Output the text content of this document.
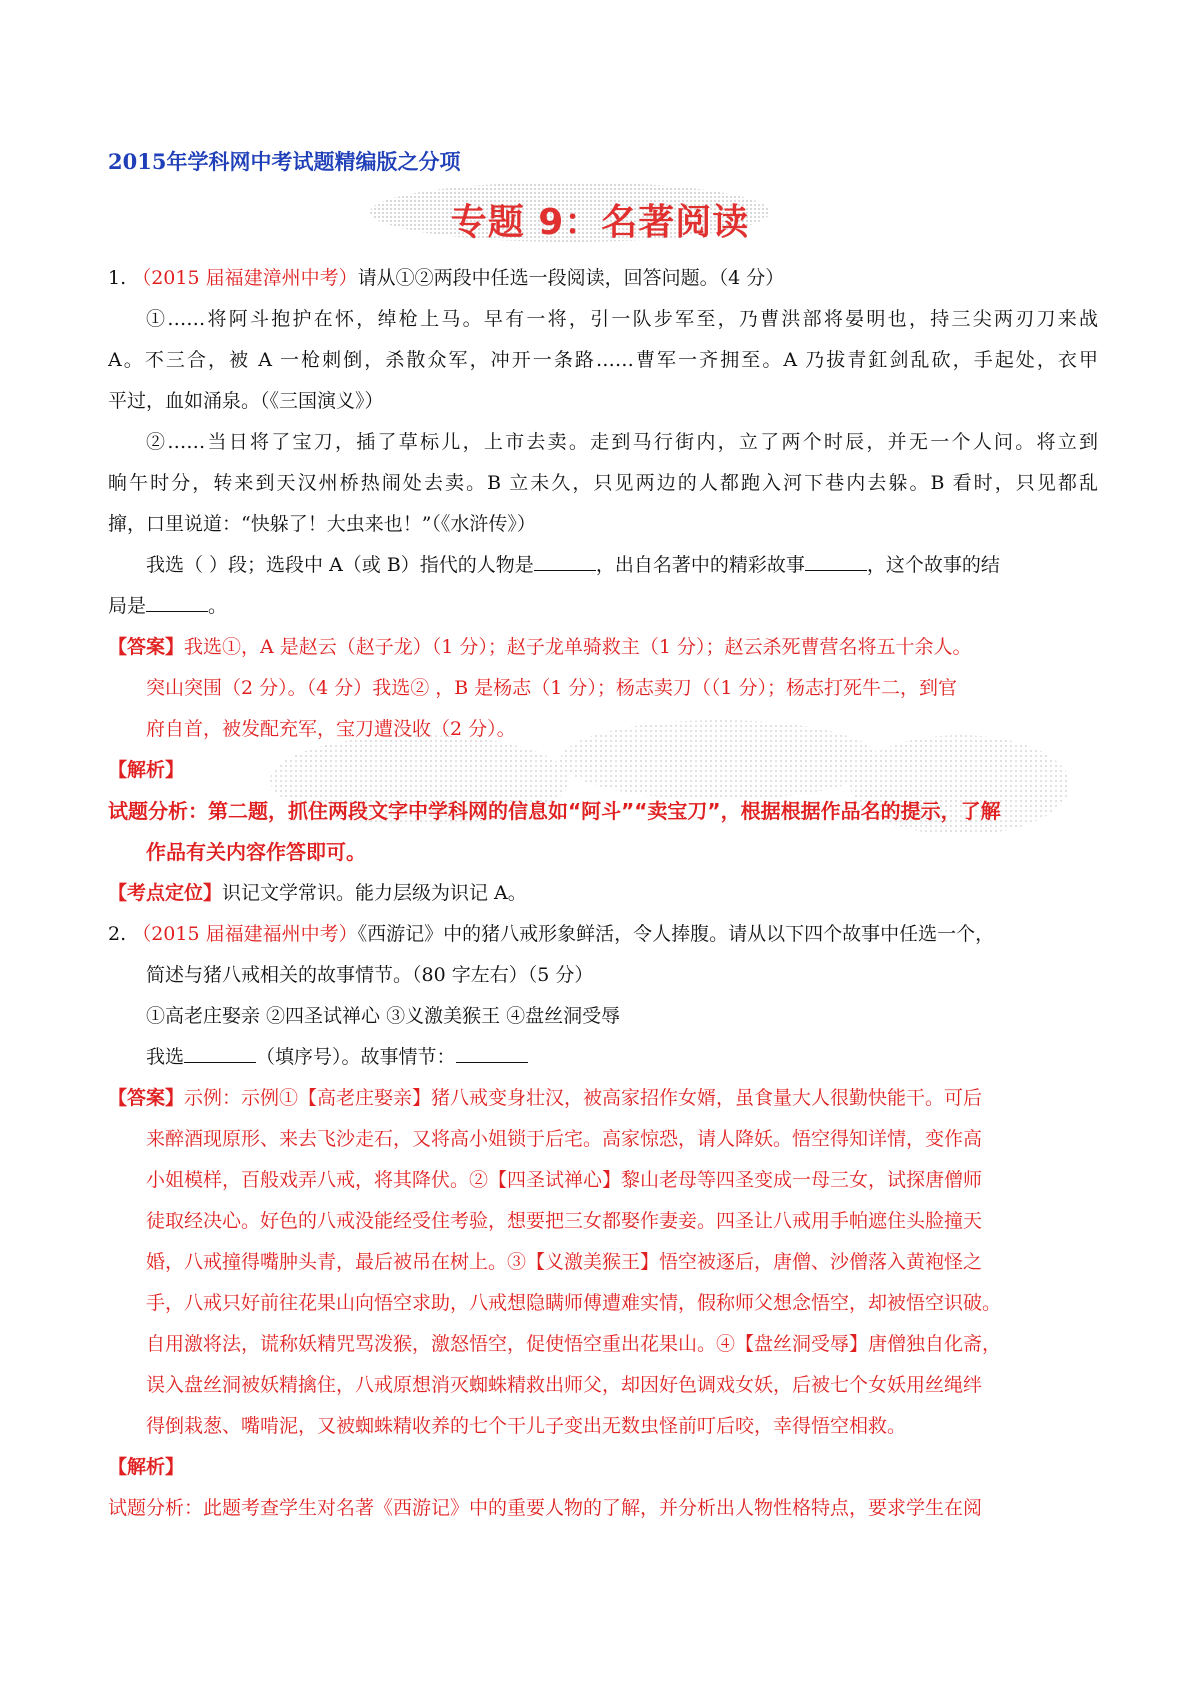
2015年学科网中考试题精编版之分项
专题 9：名著阅读
1. （2015 届福建漳州中考）请从①②两段中任选一段阅读，回答问题。（4 分）
①……将阿斗抱护在怀，绰枪上马。早有一将，引一队步军至，乃曹洪部将晏明也，持三尖两刃刀来战
A。不三合，被 A 一枪刺倒，杀散众军，冲开一条路……曹军一齐拥至。A 乃拔青釭剑乱砍，手起处，衣甲
平过，血如涌泉。（《三国演义》）
②……当日将了宝刀，插了草标儿，上市去卖。走到马行街内，立了两个时辰，并无一个人问。将立到
晌午时分，转来到天汉州桥热闹处去卖。B 立未久，只见两边的人都跑入河下巷内去躲。B 看时，只见都乱
撺，口里说道：“快躲了！大虫来也！”（《水浒传》）
我选（ ）段；选段中 A（或 B）指代的人物是	，出自名著中的精彩故事	，这个故事的结
局是	。
【答案】我选①，A 是赵云（赵子龙）（1 分）；赵子龙单骑救主（1 分）；赵云杀死曹营名将五十余人。
突山突围（2 分）。（4 分）我选② ，B 是杨志（1 分）；杨志卖刀（（1 分）；杨志打死牛二，到官
府自首，被发配充军，宝刀遭没收（2 分）。
【解析】
试题分析：第二题，抓住两段文字中学科网的信息如“阿斗”“卖宝刀”，根据根据作品名的提示，了解
作品有关内容作答即可。
【考点定位】识记文学常识。能力层级为识记 A。
2. （2015 届福建福州中考）《西游记》中的猪八戒形象鲜活，令人捧腹。请从以下四个故事中任选一个，
简述与猪八戒相关的故事情节。（80 字左右）（5 分）
①高老庄娶亲 ②四圣试禅心 ③义激美猴王 ④盘丝洞受辱
我选	（填序号）。故事情节：
【答案】示例：示例①【高老庄娶亲】猪八戒变身壮汉，被高家招作女婿，虽食量大人很勤快能干。可后
来醉酒现原形、来去飞沙走石，又将高小姐锁于后宅。高家惊恐，请人降妖。悟空得知详情，变作高
小姐模样，百般戏弄八戒，将其降伏。②【四圣试禅心】黎山老母等四圣变成一母三女，试探唐僧师
徒取经决心。好色的八戒没能经受住考验，想要把三女都娶作妻妾。四圣让八戒用手帕遮住头脸撞天
婚，八戒撞得嘴肿头青，最后被吊在树上。③【义激美猴王】悟空被逐后，唐僧、沙僧落入黄袍怪之
手，八戒只好前往花果山向悟空求助，八戒想隐瞒师傅遭难实情，假称师父想念悟空，却被悟空识破。
自用激将法，谎称妖精咒骂泼猴，激怒悟空，促使悟空重出花果山。④【盘丝洞受辱】唐僧独自化斋，
误入盘丝洞被妖精擒住，八戒原想消灭蜘蛛精救出师父，却因好色调戏女妖，后被七个女妖用丝绳绊
得倒栽葱、嘴啃泥，又被蜘蛛精收养的七个干儿子变出无数虫怪前叮后咬，幸得悟空相救。
【解析】
试题分析：此题考查学生对名著《西游记》中的重要人物的了解，并分析出人物性格特点，要求学生在阅
